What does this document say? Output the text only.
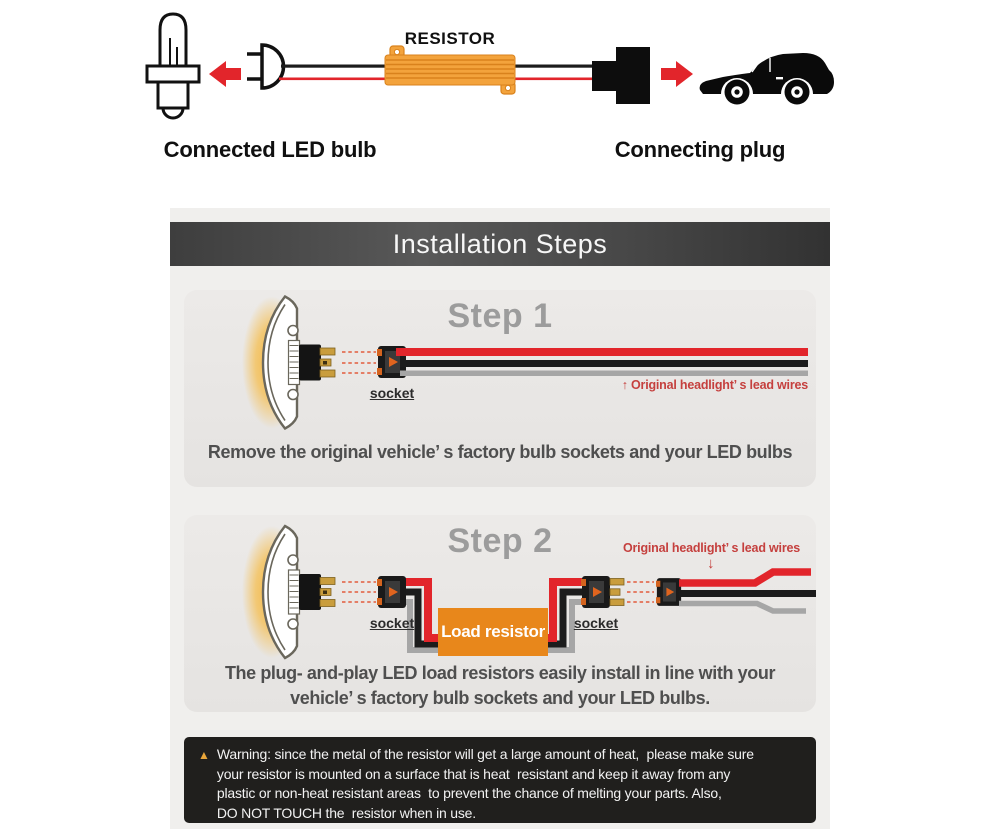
RESISTOR
Connected LED bulb	Connecting plug
Installation Steps
Step 1
socket	↑ Original headlight’ s lead wires
Remove the original vehicle’ s factory bulb sockets and your LED bulbs
Step 2
socket	socket
Load resistor
Original headlight’ s lead wires
↓
The plug- and-play LED load resistors easily install in line with your
vehicle’ s factory bulb sockets and your LED bulbs.
▲ Warning: since the metal of the resistor will get a large amount of heat,  please make sure
your resistor is mounted on a surface that is heat  resistant and keep it away from any
plastic or non-heat resistant areas  to prevent the chance of melting your parts. Also,
DO NOT TOUCH the  resistor when in use.
